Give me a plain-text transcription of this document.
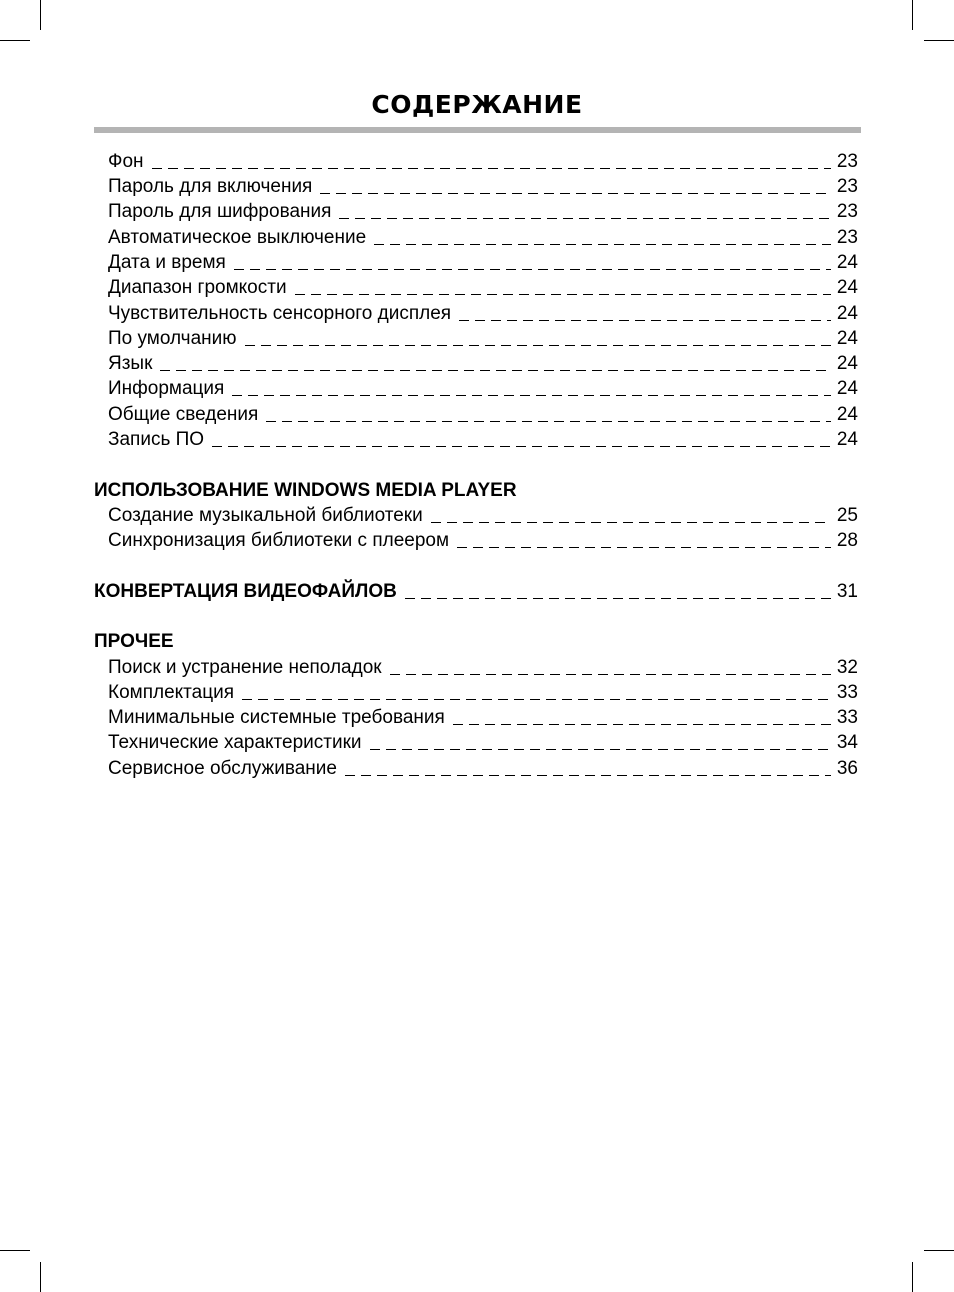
СОДЕРЖАНИЕ
Фон	23
Пароль для включения	23
Пароль для шифрования	23
Автоматическое выключение	23
Дата и время	24
Диапазон громкости	24
Чувствительность сенсорного дисплея	24
По умолчанию	24
Язык	24
Информация	24
Общие сведения	24
Запись ПО	24
ИСПОЛЬЗОВАНИЕ WINDOWS MEDIA PLAYER
Создание музыкальной библиотеки	25
Синхронизация библиотеки с плеером	28
КОНВЕРТАЦИЯ ВИДЕОФАЙЛОВ	31
ПРОЧЕЕ
Поиск и устранение неполадок	32
Комплектация	33
Минимальные системные требования	33
Технические характеристики	34
Сервисное обслуживание	36
